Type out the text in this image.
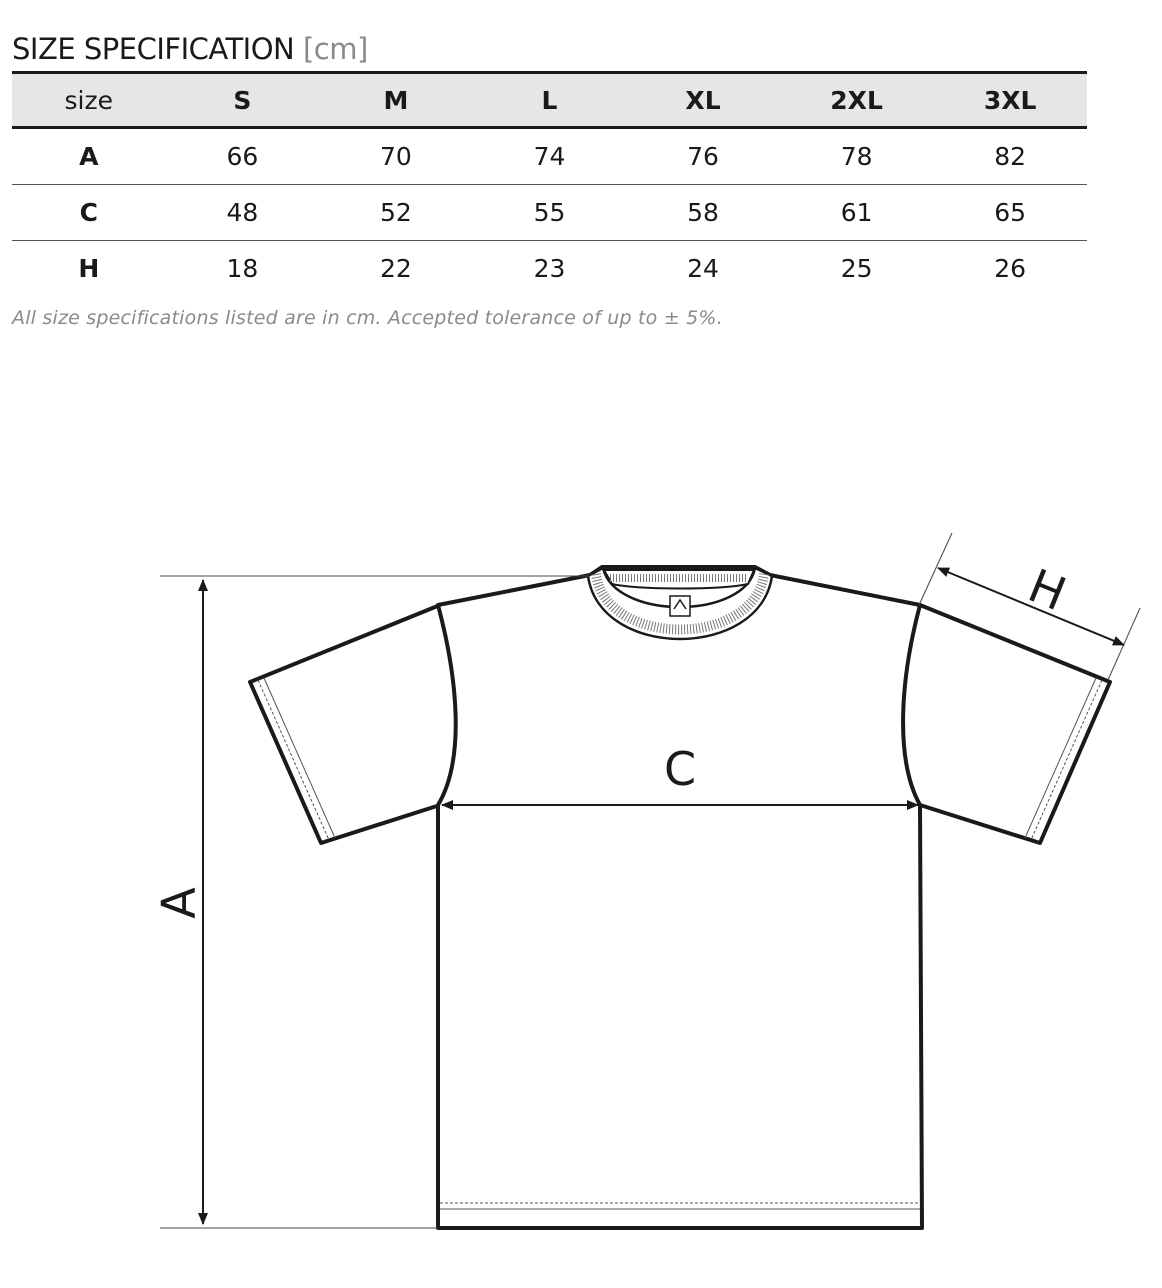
SIZE SPECIFICATION [cm]
size	S	M	L	XL	2XL	3XL
A	66	70	74	76	78	82
C	48	52	55	58	61	65
H	18	22	23	24	25	26
All size specifications listed are in cm. Accepted tolerance of up to ± 5%.
A
C
H
